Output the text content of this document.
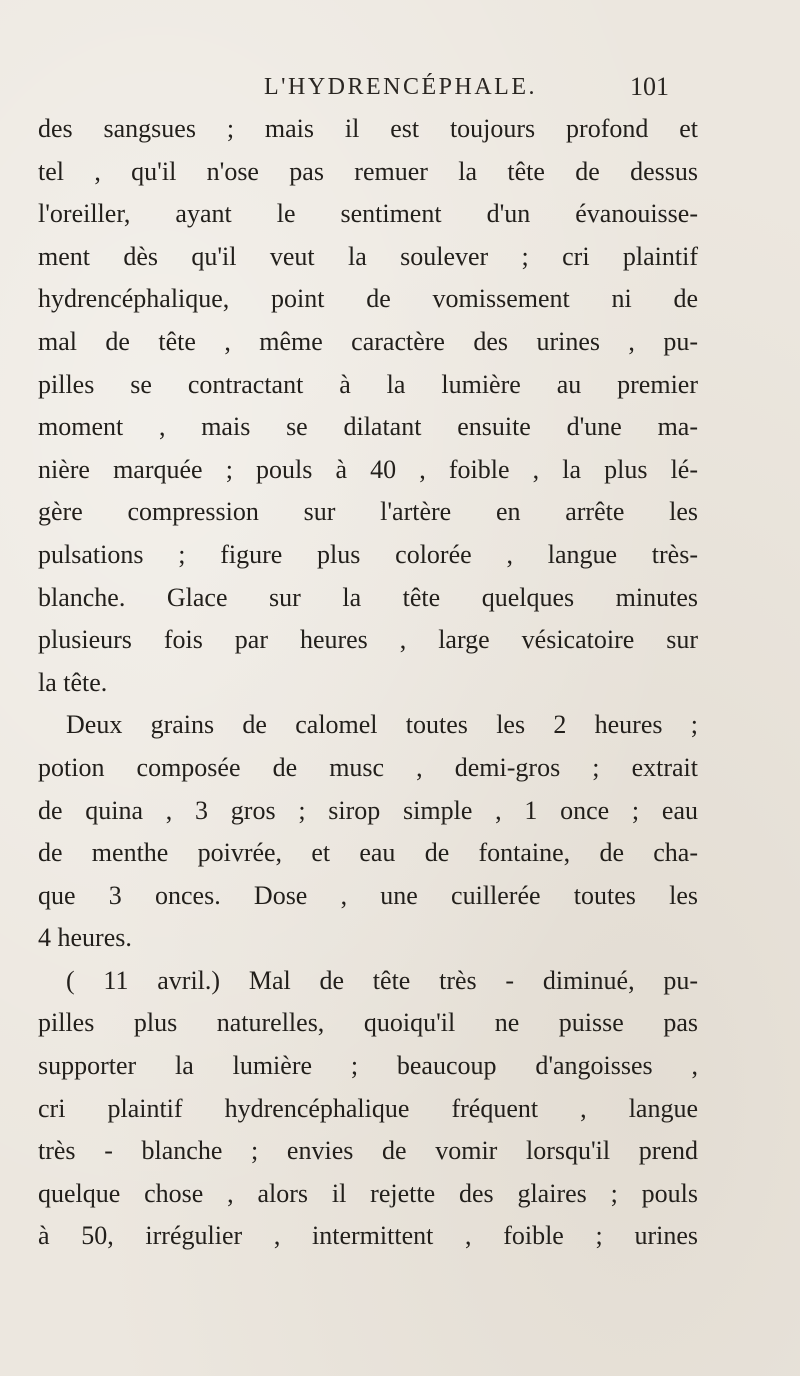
L'HYDRENCÉPHALE.	101
des sangsues ; mais il est toujours profond et
tel , qu'il n'ose pas remuer la tête de dessus
l'oreiller, ayant le sentiment d'un évanouisse-
ment dès qu'il veut la soulever ; cri plaintif
hydrencéphalique, point de vomissement ni de
mal de tête , même caractère des urines , pu-
pilles se contractant à la lumière au premier
moment , mais se dilatant ensuite d'une ma-
nière marquée ; pouls à 40 , foible , la plus lé-
gère compression sur l'artère en arrête les
pulsations ; figure plus colorée , langue très-
blanche. Glace sur la tête quelques minutes
plusieurs fois par heures , large vésicatoire sur
la tête.
Deux grains de calomel toutes les 2 heures ;
potion composée de musc , demi-gros ; extrait
de quina , 3 gros ; sirop simple , 1 once ; eau
de menthe poivrée, et eau de fontaine, de cha-
que 3 onces. Dose , une cuillerée toutes les
4 heures.
( 11 avril.) Mal de tête très - diminué, pu-
pilles plus naturelles, quoiqu'il ne puisse pas
supporter la lumière ; beaucoup d'angoisses ,
cri plaintif hydrencéphalique fréquent , langue
très - blanche ; envies de vomir lorsqu'il prend
quelque chose , alors il rejette des glaires ; pouls
à 50, irrégulier , intermittent , foible ; urines
